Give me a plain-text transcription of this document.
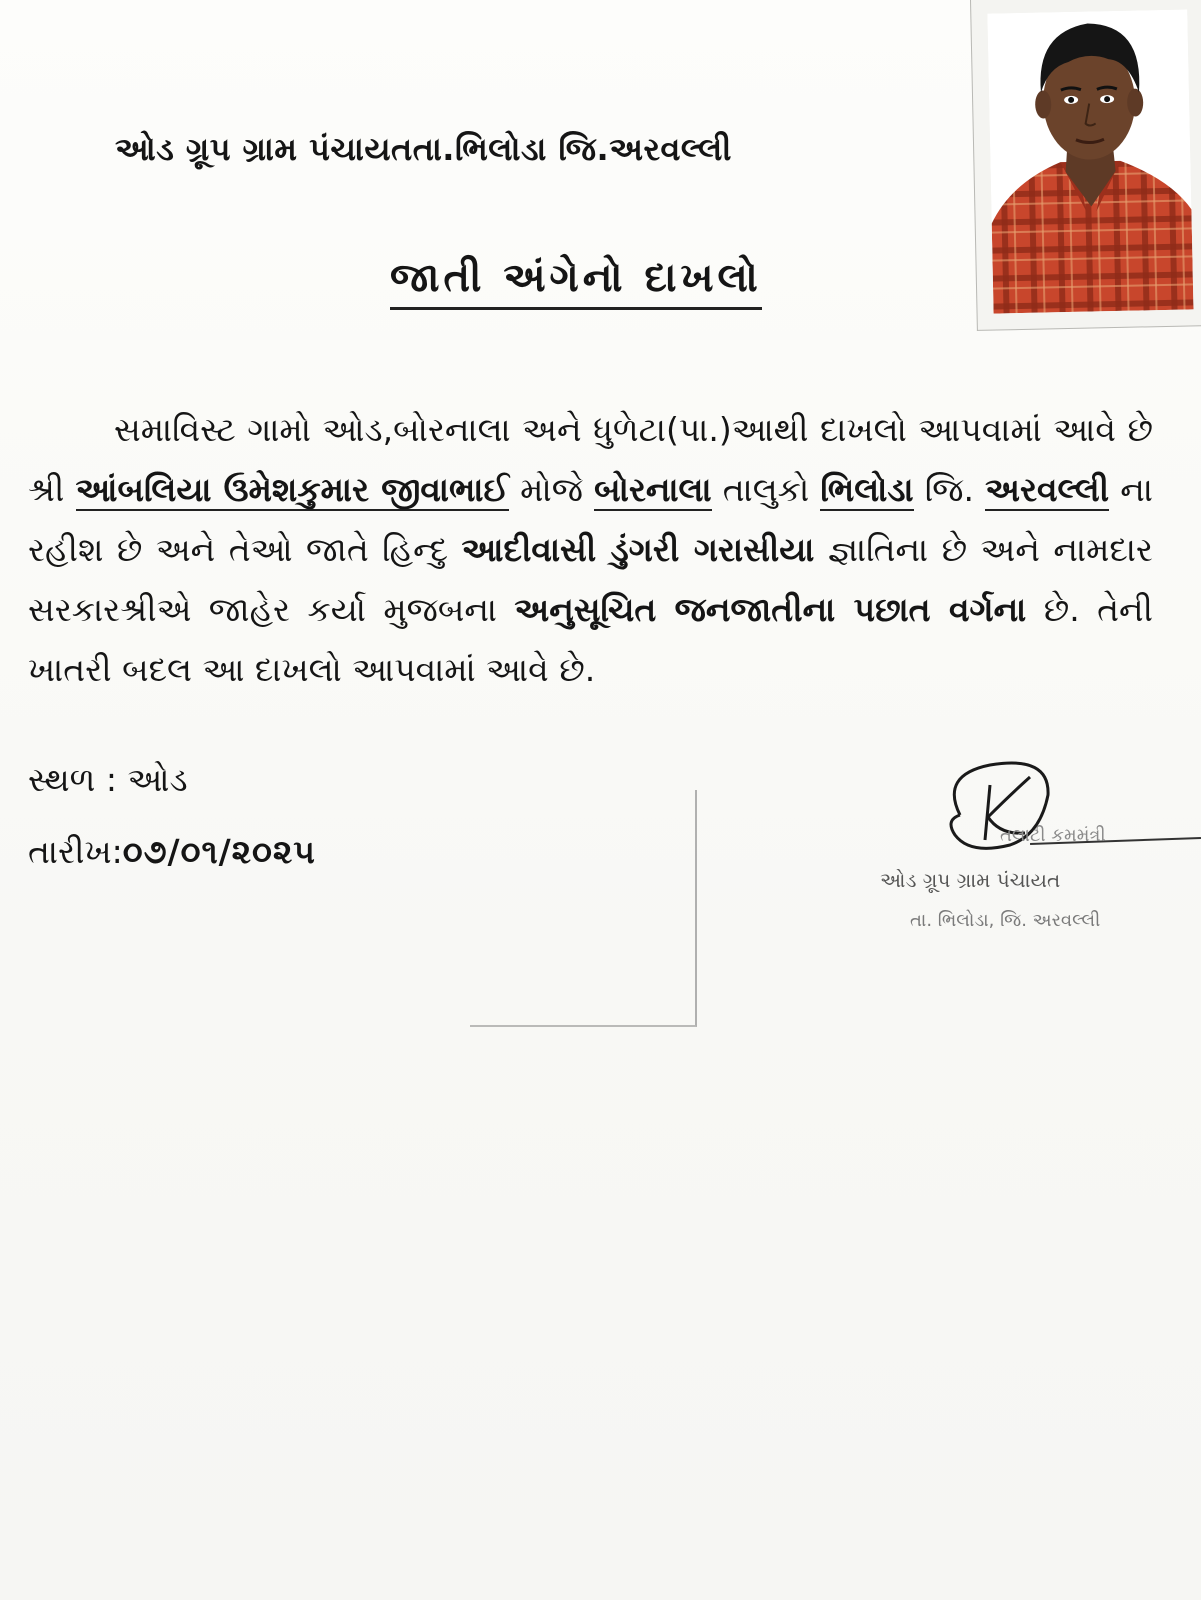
ઓડ ગ્રૂપ ગ્રામ પંચાયતતા.ભિલોડા જિ.અરવલ્લી
જાતી અંગેનો દાખલો
સમાવિસ્ટ ગામો ઓડ,બોરનાલા અને ધુળેટા(પા.)આથી દાખલો આપવામાં આવે છે શ્રી આંબલિયા ઉમેશકુમાર જીવાભાઈ મોજે બોરનાલા તાલુકો ભિલોડા જિ. અરવલ્લી ના રહીશ છે અને તેઓ જાતે હિન્દુ આદીવાસી ડુંગરી ગરાસીયા જ્ઞાતિના છે અને નામદાર સરકારશ્રીએ જાહેર કર્યા મુજબના અનુસૂચિત જનજાતીના પછાત વર્ગના છે. તેની ખાતરી બદલ આ દાખલો આપવામાં આવે છે.
સ્થળ : ઓડ
તારીખ:૦૭/૦૧/૨૦૨૫	તલાટી કમમંત્રી
ઓડ ગ્રૂપ ગ્રામ પંચાયત
તા. ભિલોડા, જિ. અરવલ્લી
